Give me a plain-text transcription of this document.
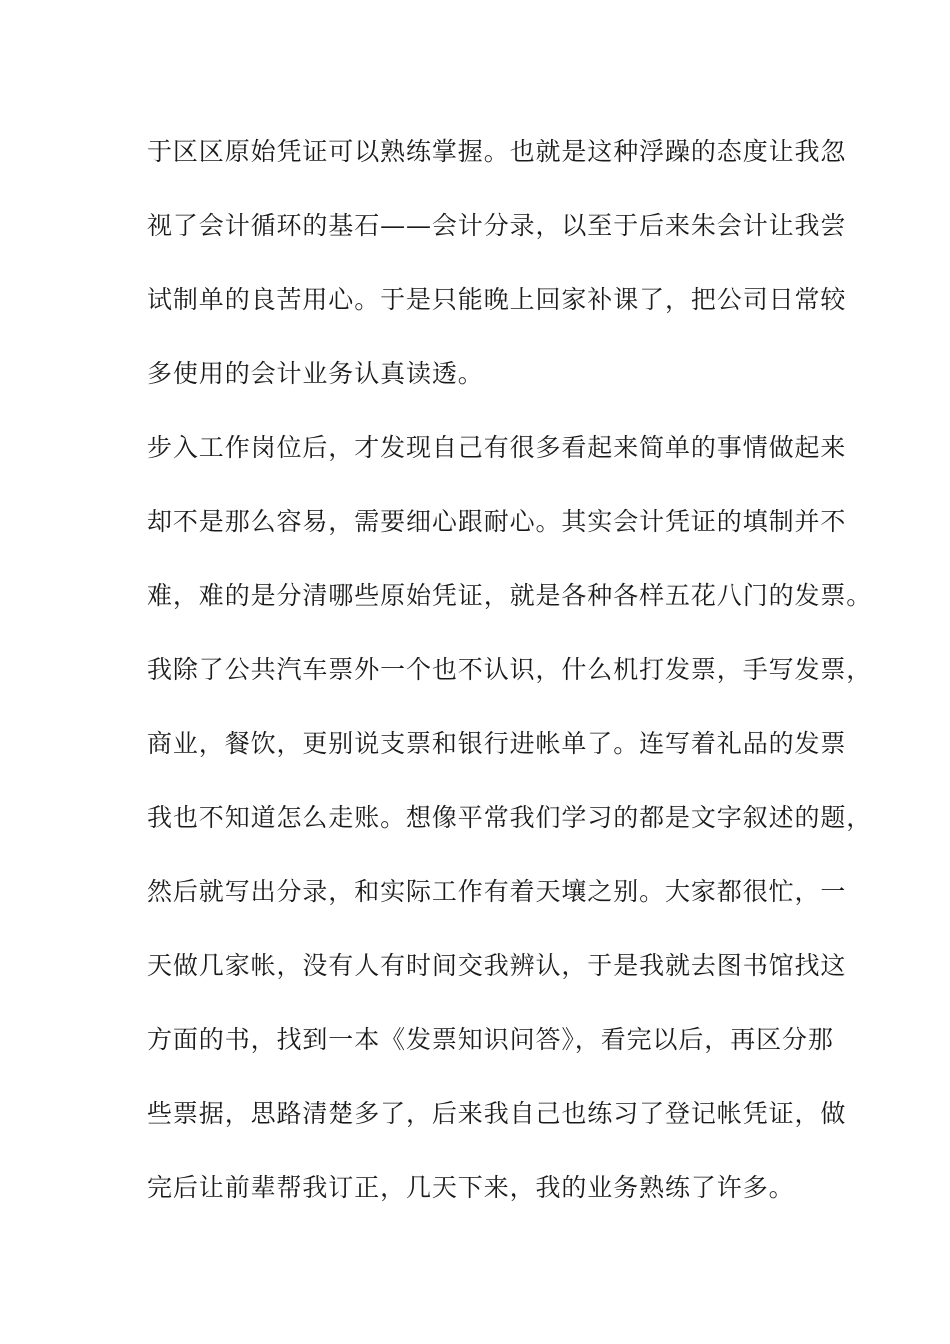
于区区原始凭证可以熟练掌握。也就是这种浮躁的态度让我忽
视了会计循环的基石——会计分录，以至于后来朱会计让我尝
试制单的良苦用心。于是只能晚上回家补课了，把公司日常较
多使用的会计业务认真读透。
步入工作岗位后，才发现自己有很多看起来简单的事情做起来
却不是那么容易，需要细心跟耐心。其实会计凭证的填制并不
难，难的是分清哪些原始凭证，就是各种各样五花八门的发票。
我除了公共汽车票外一个也不认识，什么机打发票，手写发票，
商业，餐饮，更别说支票和银行进帐单了。连写着礼品的发票
我也不知道怎么走账。想像平常我们学习的都是文字叙述的题，
然后就写出分录，和实际工作有着天壤之别。大家都很忙，一
天做几家帐，没有人有时间交我辨认，于是我就去图书馆找这
方面的书，找到一本《发票知识问答》，看完以后，再区分那
些票据，思路清楚多了，后来我自己也练习了登记帐凭证，做
完后让前辈帮我订正，几天下来，我的业务熟练了许多。
